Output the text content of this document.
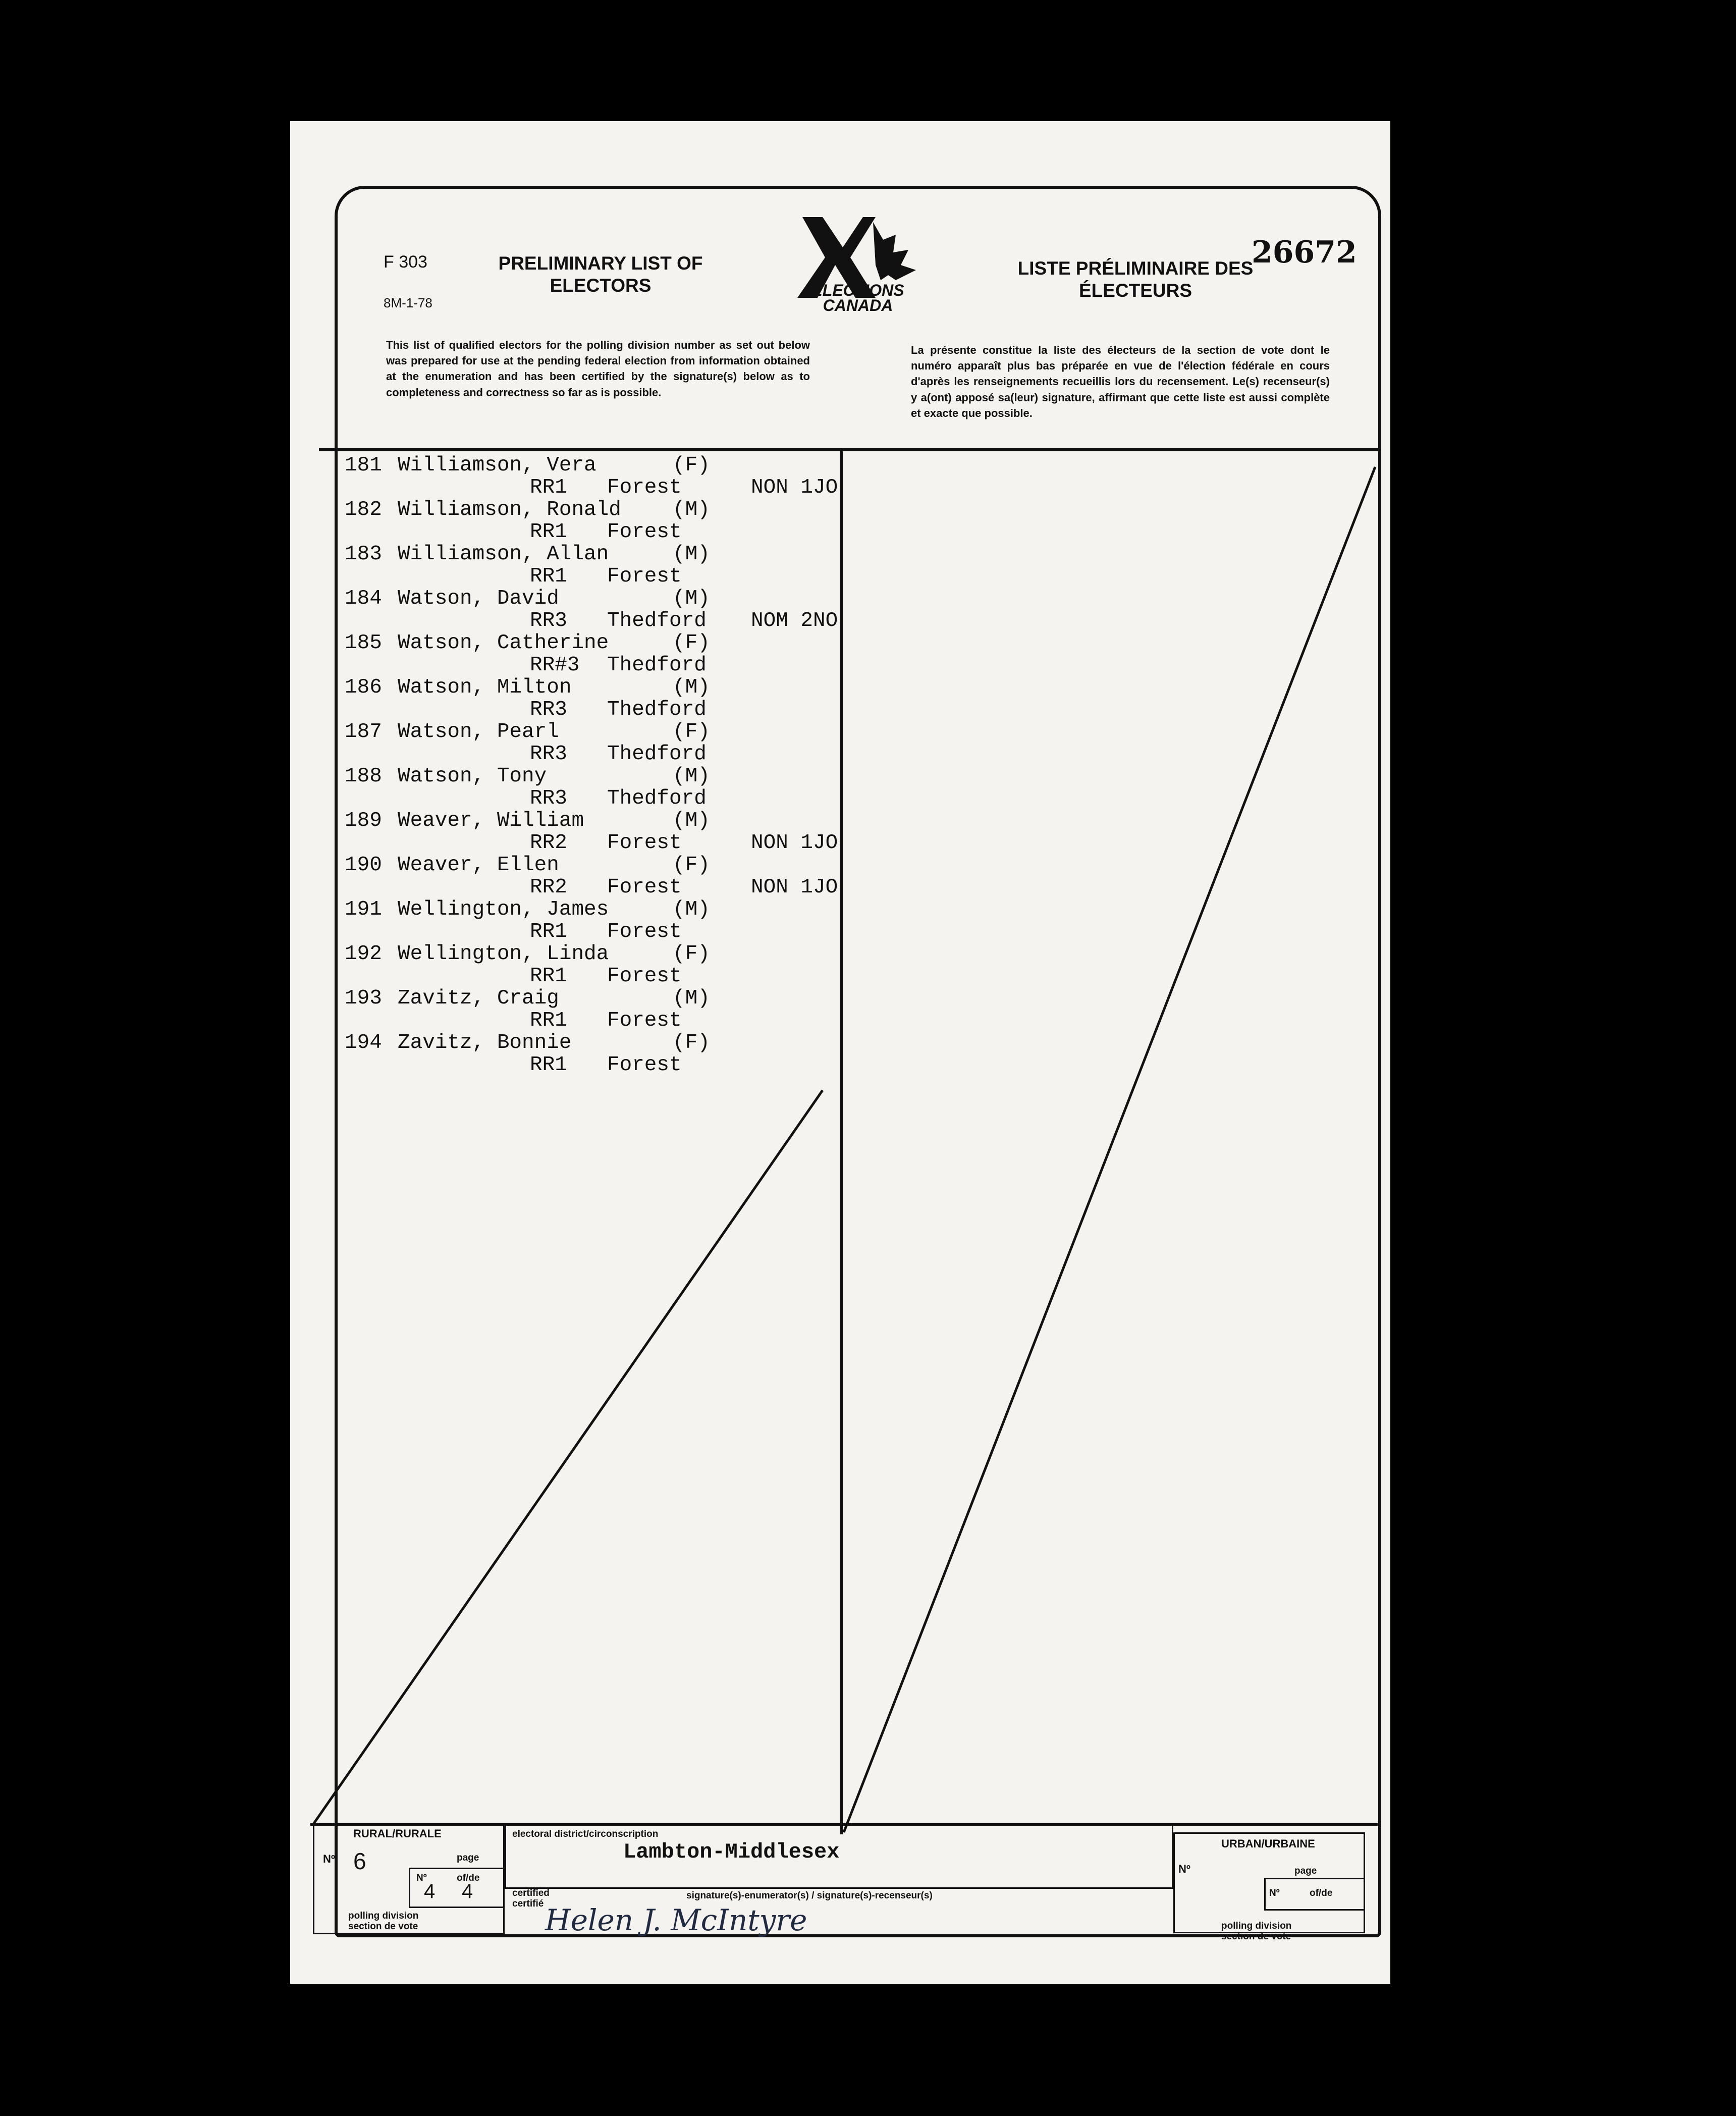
F 303
8M-1-78
PRELIMINARY LIST OF
ELECTORS	ELECTIONS
CANADA
LISTE PRÉLIMINAIRE DES
ÉLECTEURS
26672
This list of qualified electors for the polling division number as set out below was prepared for use at the pending federal election from information obtained at the enumeration and has been certified by the signature(s) below as to completeness and correctness so far as is possible.
La présente constitue la liste des électeurs de la section de vote dont le numéro apparaît plus bas préparée en vue de l'élection fédérale en cours d'après les renseignements recueillis lors du recensement. Le(s) recenseur(s) y a(ont) apposé sa(leur) signature, affirmant que cette liste est aussi complète et exacte que possible.
181 Williamson, Vera	(F)
RR1 Forest	NON 1JO
182 Williamson, Ronald (M)
RR1 Forest
183 Williamson, Allan	(M)
RR1 Forest
184 Watson, David	(M)
RR3 Thedford NOM 2NO
185 Watson, Catherine	(F)
RR#3 Thedford
186 Watson, Milton	(M)
RR3 Thedford
187 Watson, Pearl	(F)
RR3 Thedford
188 Watson, Tony	(M)
RR3 Thedford
189 Weaver, William	(M)
RR2 Forest	NON 1JO
190 Weaver, Ellen	(F)
RR2 Forest	NON 1JO
191 Wellington, James	(M)
RR1 Forest
192 Wellington, Linda	(F)
RR1 Forest
193 Zavitz, Craig	(M)
RR1 Forest
194 Zavitz, Bonnie	(F)
RR1 Forest
RURAL/RURALE
Nº 6	page
Nº	of/de
4 4
polling division
section de vote
electoral district/circonscription
Lambton-Middlesex
certified
certifié
signature(s)-enumerator(s) / signature(s)-recenseur(s)
Helen J. McIntyre
URBAN/URBAINE
Nº	page
Nº	of/de
polling division
section de vote
